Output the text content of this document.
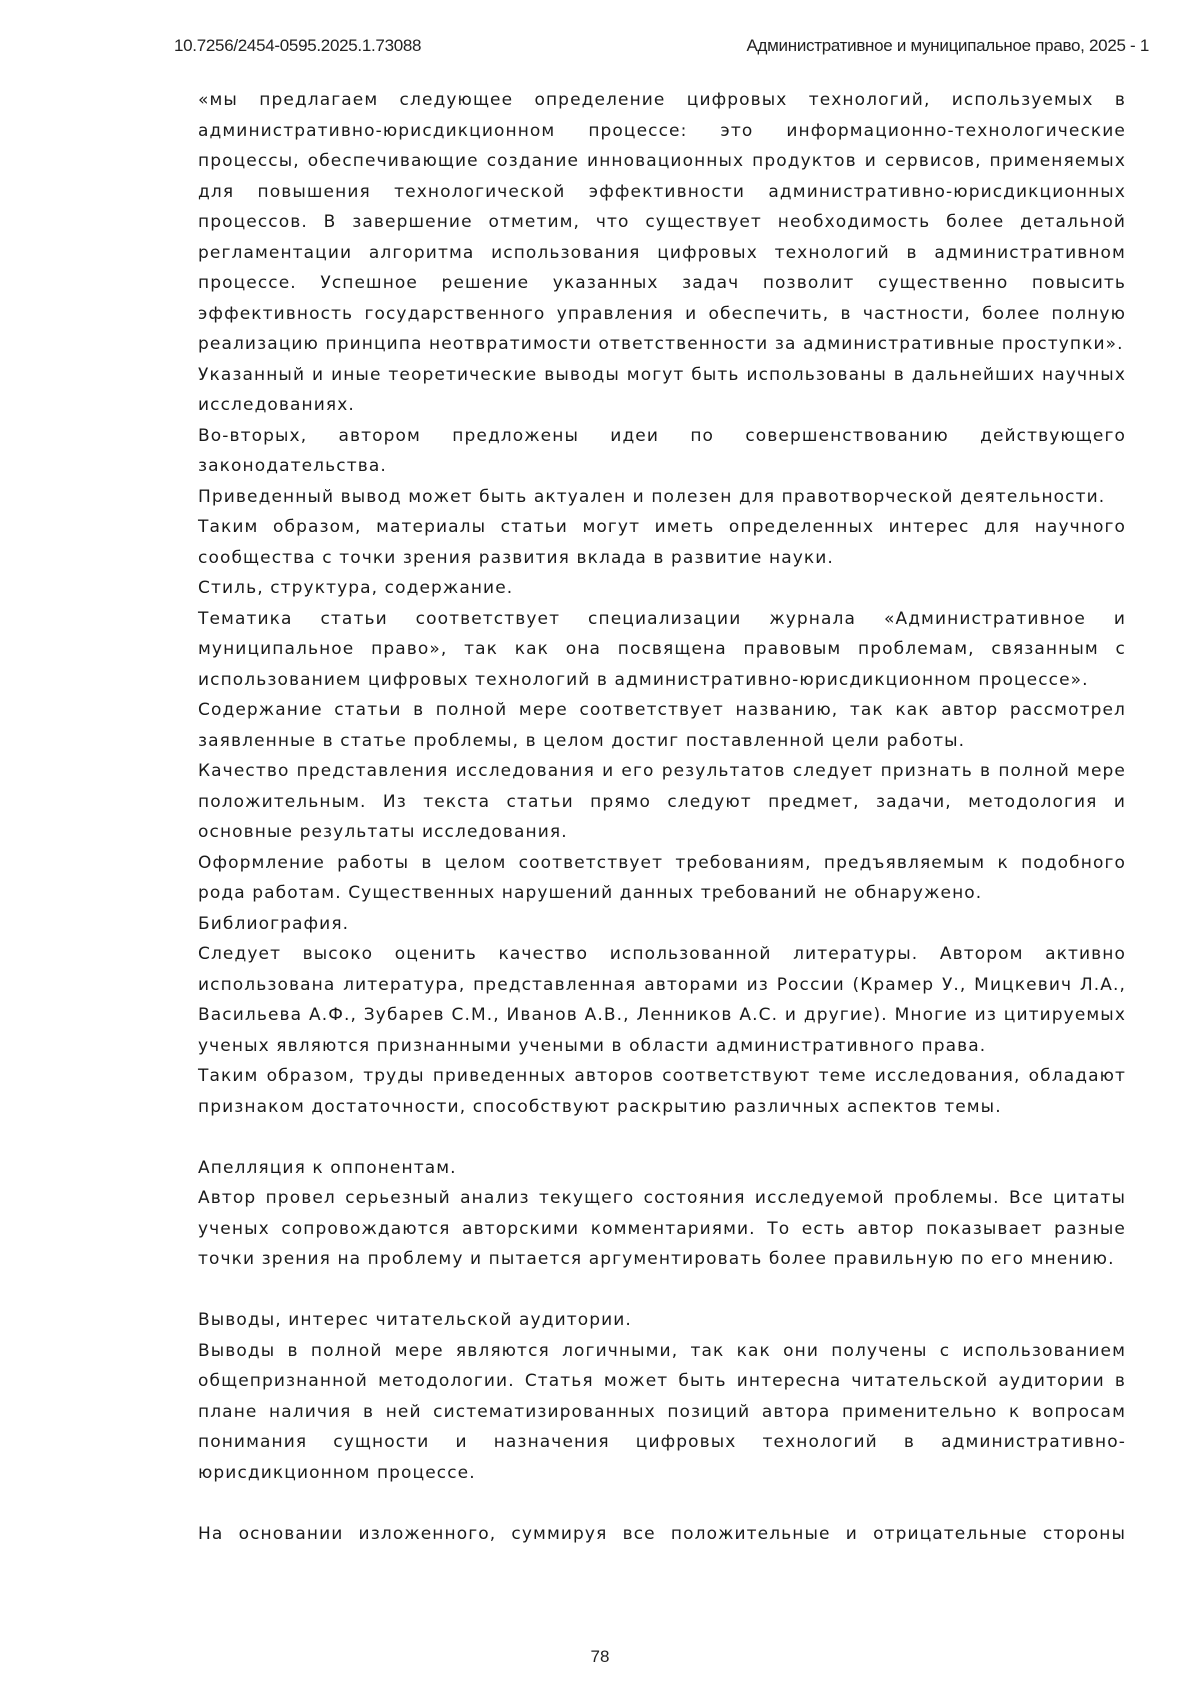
10.7256/2454-0595.2025.1.73088	Административное и муниципальное право, 2025 - 1

«мы предлагаем следующее определение цифровых технологий, используемых в административно-юрисдикционном процессе: это информационно-технологические процессы, обеспечивающие создание инновационных продуктов и сервисов, применяемых для повышения технологической эффективности административно-юрисдикционных процессов. В завершение отметим, что существует необходимость более детальной регламентации алгоритма использования цифровых технологий в административном процессе. Успешное решение указанных задач позволит существенно повысить эффективность государственного управления и обеспечить, в частности, более полную реализацию принципа неотвратимости ответственности за административные проступки».

Указанный и иные теоретические выводы могут быть использованы в дальнейших научных исследованиях.

Во-вторых, автором предложены идеи по совершенствованию действующего законодательства.

Приведенный вывод может быть актуален и полезен для правотворческой деятельности.

Таким образом, материалы статьи могут иметь определенных интерес для научного сообщества с точки зрения развития вклада в развитие науки.

Стиль, структура, содержание.

Тематика статьи соответствует специализации журнала «Административное и муниципальное право», так как она посвящена правовым проблемам, связанным с использованием цифровых технологий в административно-юрисдикционном процессе».

Содержание статьи в полной мере соответствует названию, так как автор рассмотрел заявленные в статье проблемы, в целом достиг поставленной цели работы.

Качество представления исследования и его результатов следует признать в полной мере положительным. Из текста статьи прямо следуют предмет, задачи, методология и основные результаты исследования.

Оформление работы в целом соответствует требованиям, предъявляемым к подобного рода работам. Существенных нарушений данных требований не обнаружено.

Библиография.

Следует высоко оценить качество использованной литературы. Автором активно использована литература, представленная авторами из России (Крамер У., Мицкевич Л.А., Васильева А.Ф., Зубарев С.М., Иванов А.В., Ленников А.С. и другие). Многие из цитируемых ученых являются признанными учеными в области административного права.

Таким образом, труды приведенных авторов соответствуют теме исследования, обладают признаком достаточности, способствуют раскрытию различных аспектов темы.

Апелляция к оппонентам.

Автор провел серьезный анализ текущего состояния исследуемой проблемы. Все цитаты ученых сопровождаются авторскими комментариями. То есть автор показывает разные точки зрения на проблему и пытается аргументировать более правильную по его мнению.

Выводы, интерес читательской аудитории.

Выводы в полной мере являются логичными, так как они получены с использованием общепризнанной методологии. Статья может быть интересна читательской аудитории в плане наличия в ней систематизированных позиций автора применительно к вопросам понимания сущности и назначения цифровых технологий в административно-юрисдикционном процессе.

На основании изложенного, суммируя все положительные и отрицательные стороны

78
